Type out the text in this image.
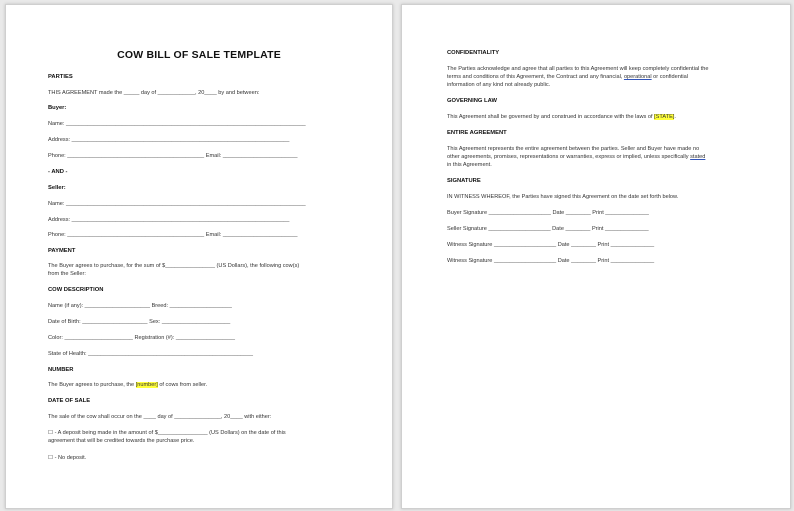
COW BILL OF SALE TEMPLATE
PARTIES
THIS AGREEMENT made the _____ day of ____________, 20____ by and between:
Buyer:
Name: _____________________________________________________________________________
Address: ______________________________________________________________________
Phone: ____________________________________________ Email: ________________________
- AND -
Seller:
Name: _____________________________________________________________________________
Address: ______________________________________________________________________
Phone: ____________________________________________ Email: ________________________
PAYMENT
The Buyer agrees to purchase, for the sum of $________________ (US Dollars), the following cow(s)
from the Seller:
COW DESCRIPTION
Name (if any): _____________________ Breed: ____________________
Date of Birth: _____________________ Sex: ______________________
Color: ______________________ Registration (#): ___________________
State of Health: _____________________________________________________
NUMBER
The Buyer agrees to purchase, the [number] of cows from seller.
DATE OF SALE
The sale of the cow shall occur on the ____ day of _______________, 20____ with either:
☐ - A deposit being made in the amount of $________________ (US Dollars) on the date of this
agreement that will be credited towards the purchase price.
☐ - No deposit.
CONFIDENTIALITY
The Parties acknowledge and agree that all parties to this Agreement will keep completely confidential the
terms and conditions of this Agreement, the Contract and any financial, operational or confidential
information of any kind not already public.
GOVERNING LAW
This Agreement shall be governed by and construed in accordance with the laws of [STATE].
ENTIRE AGREEMENT
This Agreement represents the entire agreement between the parties. Seller and Buyer have made no
other agreements, promises, representations or warranties, express or implied, unless specifically stated
in this Agreement.
SIGNATURE
IN WITNESS WHEREOF, the Parties have signed this Agreement on the date set forth below.
Buyer Signature ____________________ Date ________ Print ______________
Seller Signature ____________________ Date ________ Print ______________
Witness Signature ____________________ Date ________ Print ______________
Witness Signature ____________________ Date ________ Print ______________
